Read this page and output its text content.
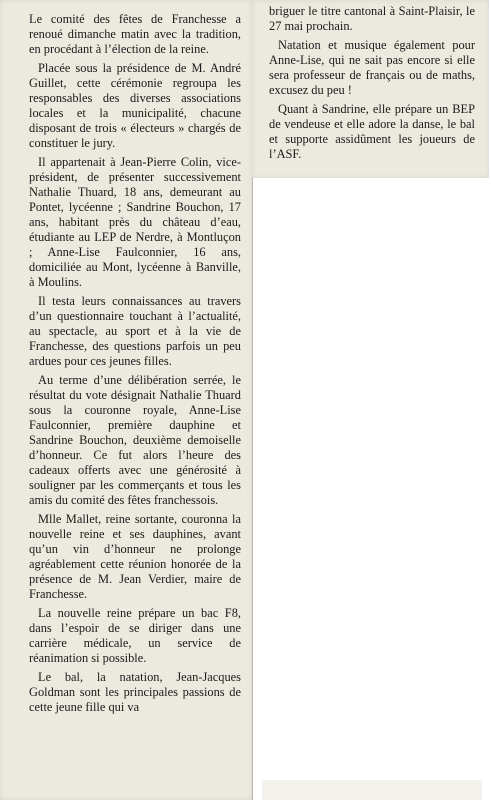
Le comité des fêtes de Franchesse a renoué dimanche matin avec la tradition, en procédant à l’élection de la reine.

Placée sous la présidence de M. André Guillet, cette cérémonie regroupa les responsables des diverses associations locales et la municipalité, chacune disposant de trois « électeurs » chargés de constituer le jury.

Il appartenait à Jean-Pierre Colin, vice-président, de présenter successivement Nathalie Thuard, 18 ans, demeurant au Pontet, lycéenne ; Sandrine Bouchon, 17 ans, habitant près du château d’eau, étudiante au LEP de Nerdre, à Montluçon ; Anne-Lise Faulconnier, 16 ans, domiciliée au Mont, lycéenne à Banville, à Moulins.

Il testa leurs connaissances au travers d’un questionnaire touchant à l’actualité, au spectacle, au sport et à la vie de Franchesse, des questions parfois un peu ardues pour ces jeunes filles.

Au terme d’une délibération serrée, le résultat du vote désignait Nathalie Thuard sous la couronne royale, Anne-Lise Faulconnier, première dauphine et Sandrine Bouchon, deuxième demoiselle d’honneur. Ce fut alors l’heure des cadeaux offerts avec une générosité à souligner par les commerçants et tous les amis du comité des fêtes franchessois.

Mlle Mallet, reine sortante, couronna la nouvelle reine et ses dauphines, avant qu’un vin d’honneur ne prolonge agréablement cette réunion honorée de la présence de M. Jean Verdier, maire de Franchesse.

La nouvelle reine prépare un bac F8, dans l’espoir de se diriger dans une carrière médicale, un service de réanimation si possible.

Le bal, la natation, Jean-Jacques Goldman sont les principales passions de cette jeune fille qui va

briguer le titre cantonal à Saint-Plaisir, le 27 mai prochain.

Natation et musique également pour Anne-Lise, qui ne sait pas encore si elle sera professeur de français ou de maths, excusez du peu !

Quant à Sandrine, elle prépare un BEP de vendeuse et elle adore la danse, le bal et supporte assidûment les joueurs de l’ASF.
